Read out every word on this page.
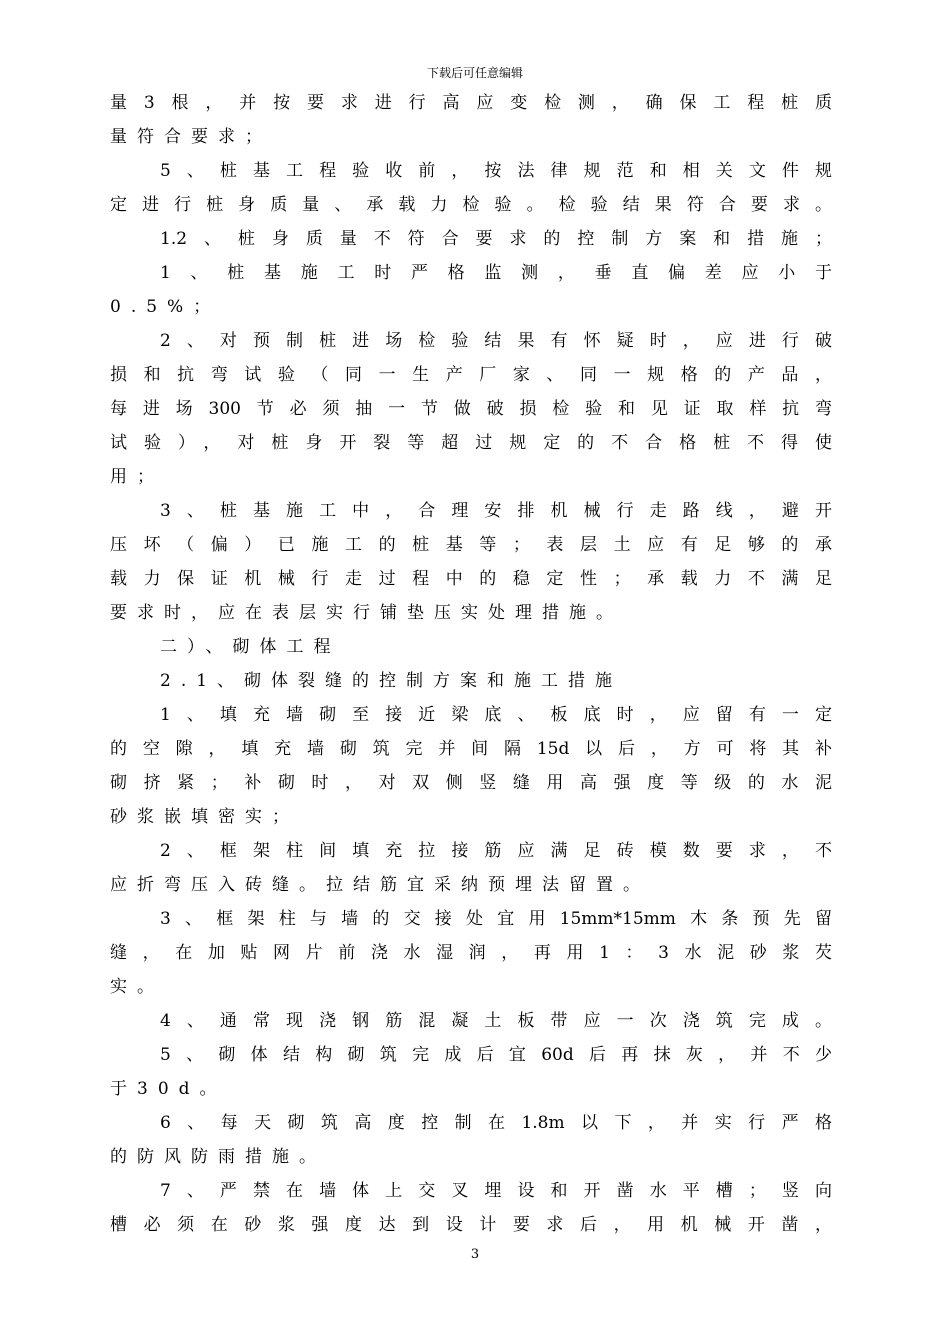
下载后可任意编辑
量3根，并按要求进行高应变检测，确保工程桩质
量符合要求；
5、桩基工程验收前，按法律规范和相关文件规
定进行桩身质量、承载力检验。检验结果符合要求。
1.2、桩身质量不符合要求的控制方案和措施；
1、桩基施工时严格监测，垂直偏差应小于
0.5%；
2、对预制桩进场检验结果有怀疑时，应进行破
损和抗弯试验（同一生产厂家、同一规格的产品，
每进场300节必须抽一节做破损检验和见证取样抗弯
试验），对桩身开裂等超过规定的不合格桩不得使
用；
3、桩基施工中，合理安排机械行走路线，避开
压坏（偏）已施工的桩基等；表层土应有足够的承
载力保证机械行走过程中的稳定性；承载力不满足
要求时，应在表层实行铺垫压实处理措施。
二）、砌体工程
2.1、砌体裂缝的控制方案和施工措施
1、填充墙砌至接近梁底、板底时，应留有一定
的空隙，填充墙砌筑完并间隔15d以后，方可将其补
砌挤紧；补砌时，对双侧竖缝用高强度等级的水泥
砂浆嵌填密实；
2、框架柱间填充拉接筋应满足砖模数要求，不
应折弯压入砖缝。拉结筋宜采纳预埋法留置。
3、框架柱与墙的交接处宜用15mm*15mm木条预先留
缝，在加贴网片前浇水湿润，再用1：3水泥砂浆芡
实。
4、通常现浇钢筋混凝土板带应一次浇筑完成。
5、砌体结构砌筑完成后宜60d后再抹灰，并不少
于30d。
6、每天砌筑高度控制在1.8m以下，并实行严格
的防风防雨措施。
7、严禁在墙体上交叉埋设和开凿水平槽；竖向
槽必须在砂浆强度达到设计要求后，用机械开凿，
3
